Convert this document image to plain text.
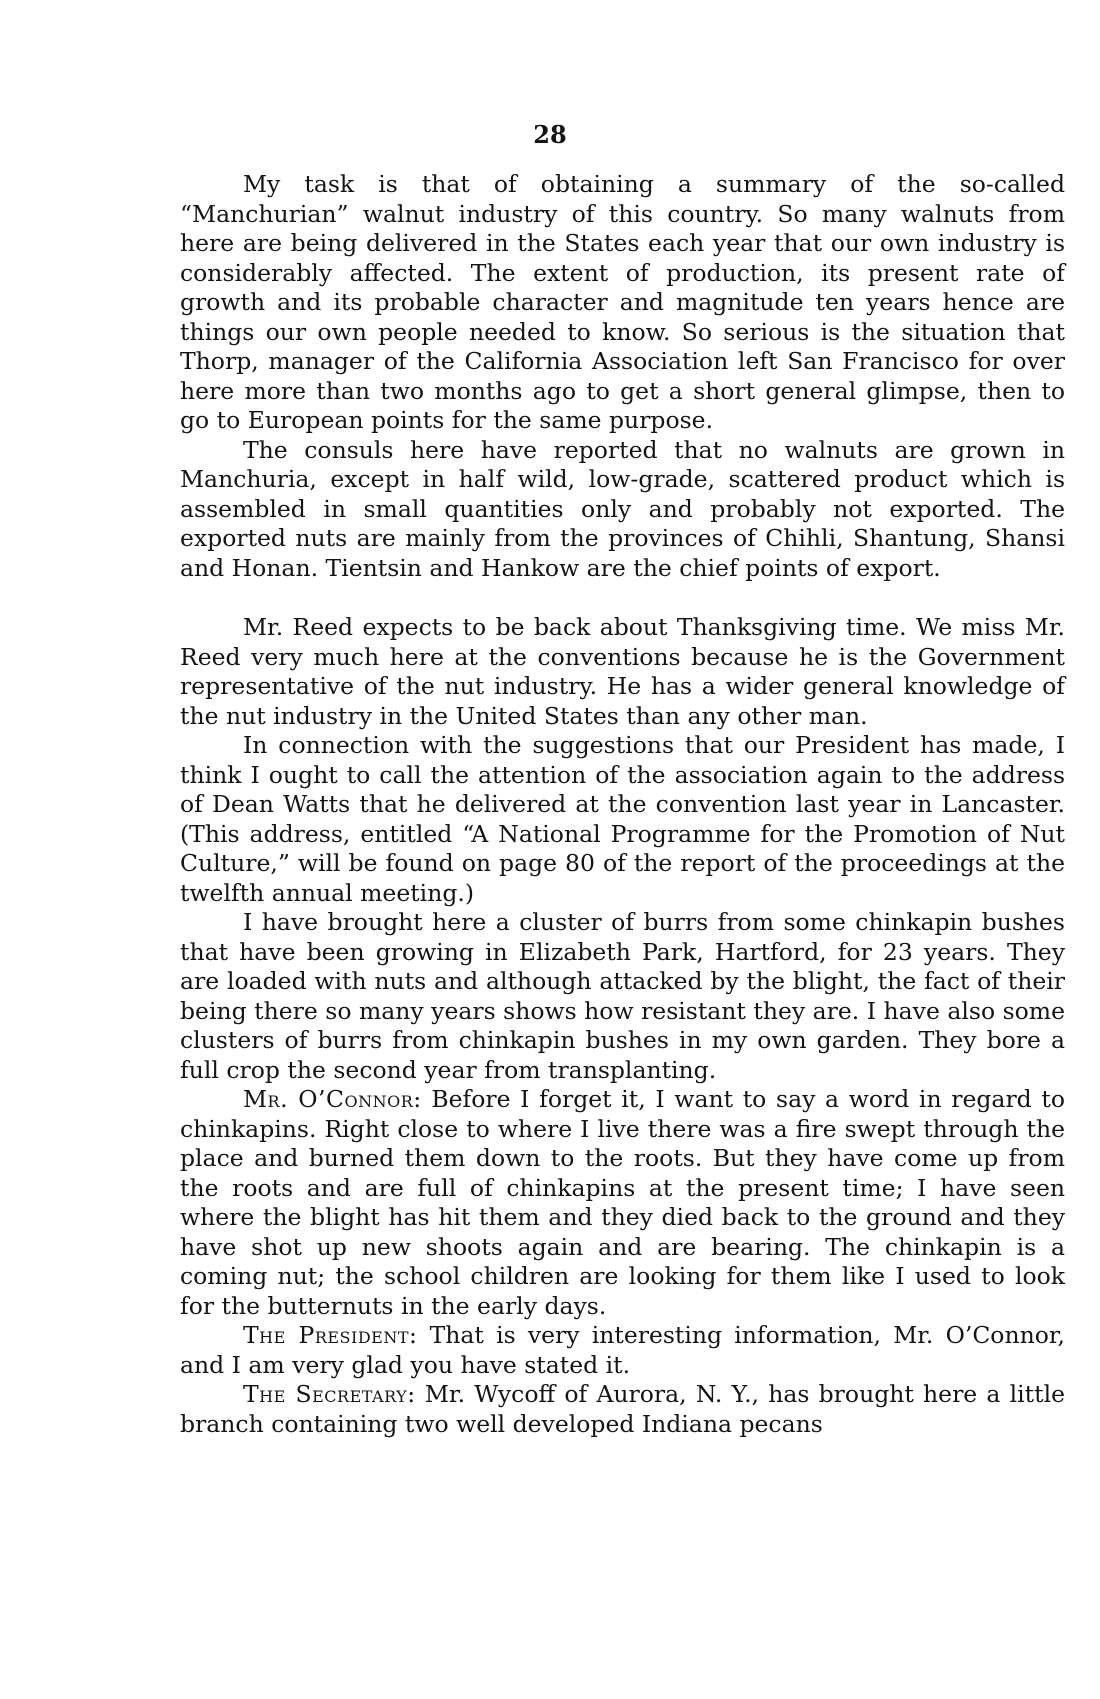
28

My task is that of obtaining a summary of the so-called “Manchurian” walnut industry of this country. So many walnuts from here are being delivered in the States each year that our own industry is considerably affected. The extent of production, its present rate of growth and its probable character and magnitude ten years hence are things our own people needed to know. So serious is the situation that Thorp, manager of the California Association left San Francisco for over here more than two months ago to get a short general glimpse, then to go to European points for the same purpose.

The consuls here have reported that no walnuts are grown in Manchuria, except in half wild, low-grade, scattered product which is assembled in small quantities only and probably not exported. The exported nuts are mainly from the provinces of Chihli, Shantung, Shansi and Honan. Tientsin and Hankow are the chief points of export.

Mr. Reed expects to be back about Thanksgiving time. We miss Mr. Reed very much here at the conventions because he is the Government representative of the nut industry. He has a wider general knowledge of the nut industry in the United States than any other man.

In connection with the suggestions that our President has made, I think I ought to call the attention of the association again to the address of Dean Watts that he delivered at the convention last year in Lancaster. (This address, entitled “A National Programme for the Promotion of Nut Culture,” will be found on page 80 of the report of the proceedings at the twelfth annual meeting.)

I have brought here a cluster of burrs from some chinkapin bushes that have been growing in Elizabeth Park, Hartford, for 23 years. They are loaded with nuts and although attacked by the blight, the fact of their being there so many years shows how resistant they are. I have also some clusters of burrs from chinkapin bushes in my own garden. They bore a full crop the second year from transplanting.

Mr. O’Connor: Before I forget it, I want to say a word in regard to chinkapins. Right close to where I live there was a fire swept through the place and burned them down to the roots. But they have come up from the roots and are full of chinkapins at the present time; I have seen where the blight has hit them and they died back to the ground and they have shot up new shoots again and are bearing. The chinkapin is a coming nut; the school children are looking for them like I used to look for the butternuts in the early days.

The President: That is very interesting information, Mr. O’Connor, and I am very glad you have stated it.

The Secretary: Mr. Wycoff of Aurora, N. Y., has brought here a little branch containing two well developed Indiana pecans
